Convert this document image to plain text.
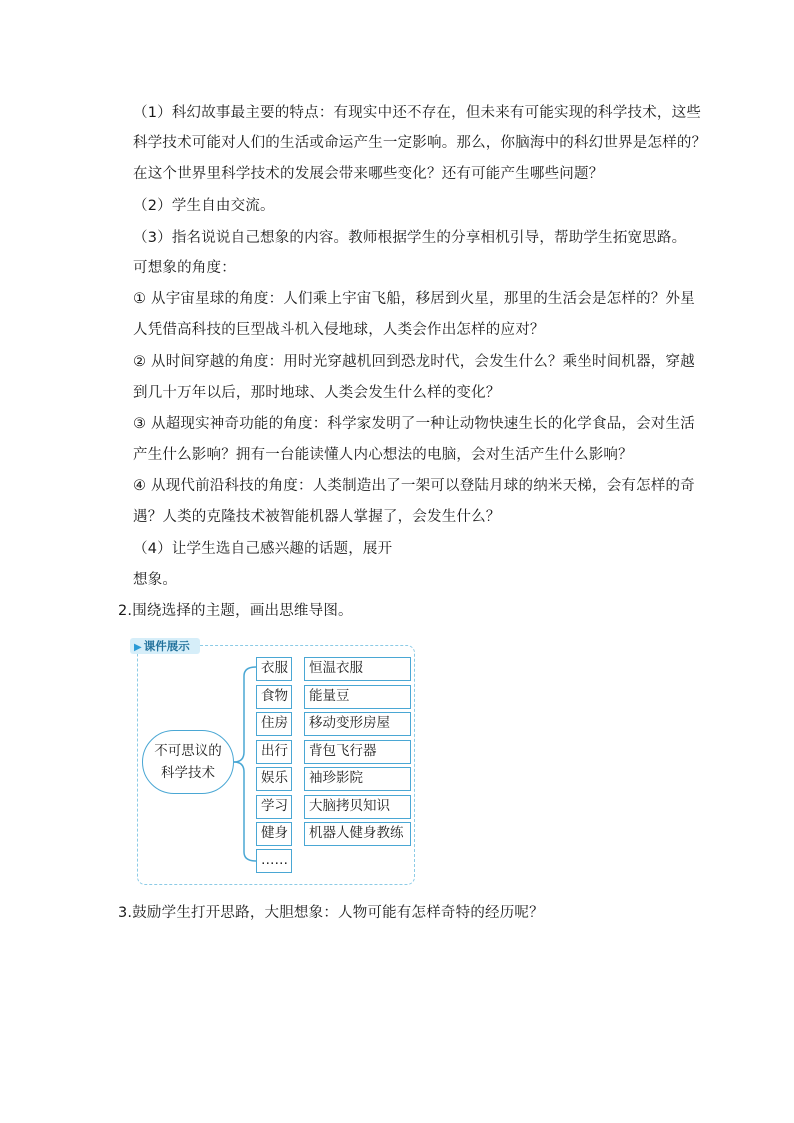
（1）科幻故事最主要的特点：有现实中还不存在，但未来有可能实现的科学技术，这些
科学技术可能对人们的生活或命运产生一定影响。那么，你脑海中的科幻世界是怎样的？
在这个世界里科学技术的发展会带来哪些变化？还有可能产生哪些问题？
（2）学生自由交流。
（3）指名说说自己想象的内容。教师根据学生的分享相机引导，帮助学生拓宽思路。
可想象的角度：
① 从宇宙星球的角度：人们乘上宇宙飞船，移居到火星，那里的生活会是怎样的？外星
人凭借高科技的巨型战斗机入侵地球，人类会作出怎样的应对？
② 从时间穿越的角度：用时光穿越机回到恐龙时代，会发生什么？乘坐时间机器，穿越
到几十万年以后，那时地球、人类会发生什么样的变化？
③ 从超现实神奇功能的角度：科学家发明了一种让动物快速生长的化学食品，会对生活
产生什么影响？拥有一台能读懂人内心想法的电脑，会对生活产生什么影响？
④ 从现代前沿科技的角度：人类制造出了一架可以登陆月球的纳米天梯，会有怎样的奇
遇？人类的克隆技术被智能机器人掌握了，会发生什么？
（4）让学生选自己感兴趣的话题，展开
想象。
2.围绕选择的主题，画出思维导图。
▶ 课件展示
不可思议的
科学技术
衣服	恒温衣服
食物	能量豆
住房	移动变形房屋
出行	背包飞行器
娱乐	袖珍影院
学习	大脑拷贝知识
健身	机器人健身教练
……
3.鼓励学生打开思路，大胆想象：人物可能有怎样奇特的经历呢？
